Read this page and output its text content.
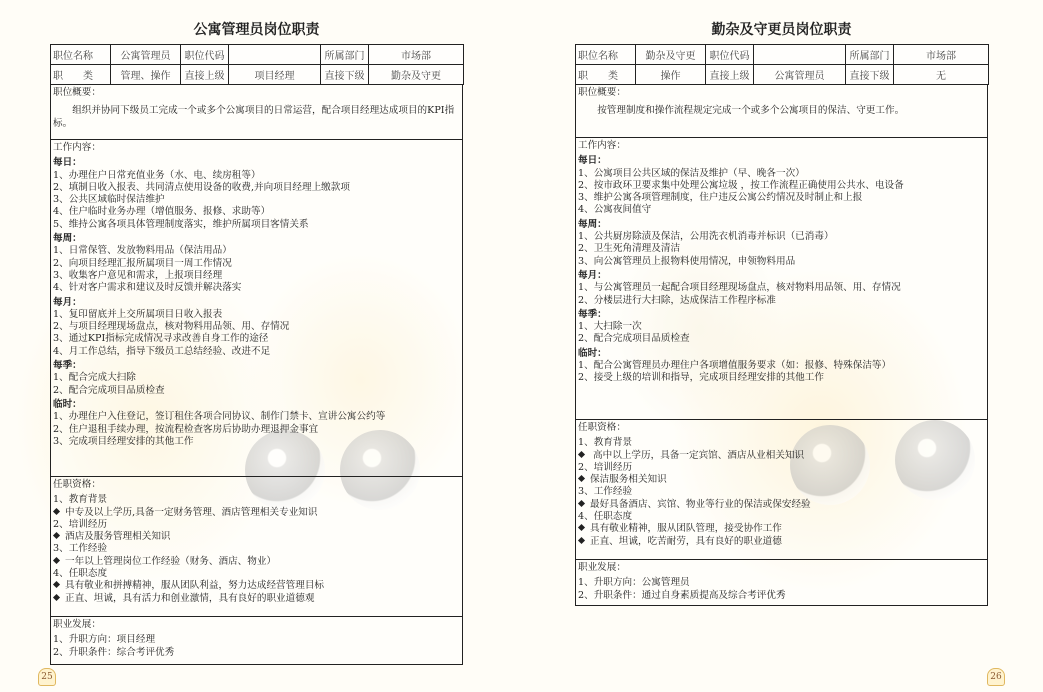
公寓管理员岗位职责
职位名称	公寓管理员	职位代码		所属部门	市场部
职　　类	管理、操作	直接上级	项目经理	直接下级	勤杂及守更
职位概要：
组织并协同下级员工完成一个或多个公寓项目的日常运营，配合项目经理达成项目的KPI指标。
工作内容：
每日：
1、办理住户日常充值业务（水、电、续房租等）
2、填制日收入报表、共同清点使用设备的收费,并向项目经理上缴款项
3、公共区域临时保洁维护
4、住户临时业务办理（增值服务、报修、求助等）
5、维持公寓各项具体管理制度落实，维护所属项目客情关系
每周：
1、日常保管、发放物料用品（保洁用品）
2、向项目经理汇报所属项目一周工作情况
3、收集客户意见和需求，上报项目经理
4、针对客户需求和建议及时反馈并解决落实
每月：
1、复印留底并上交所属项目日收入报表
2、与项目经理现场盘点，核对物料用品领、用、存情况
3、通过KPI指标完成情况寻求改善自身工作的途径
4、月工作总结，指导下级员工总结经验、改进不足
每季：
1、配合完成大扫除
2、配合完成项目品质检查
临时：
1、办理住户入住登记，签订租住各项合同协议、制作门禁卡、宣讲公寓公约等
2、住户退租手续办理，按流程检查客房后协助办理退押金事宜
3、完成项目经理安排的其他工作
任职资格：
1、教育背景
中专及以上学历,具备一定财务管理、酒店管理相关专业知识
2、培训经历
酒店及服务管理相关知识
3、工作经验
一年以上管理岗位工作经验（财务、酒店、物业）
4、任职态度
具有敬业和拼搏精神，服从团队利益，努力达成经营管理目标
正直、坦诚，具有活力和创业激情，具有良好的职业道德观
职业发展：
1、升职方向：项目经理
2、升职条件：综合考评优秀
勤杂及守更员岗位职责
职位名称	勤杂及守更	职位代码		所属部门	市场部
职　　类	操作	直接上级	公寓管理员	直接下级	无
职位概要：
按管理制度和操作流程规定完成一个或多个公寓项目的保洁、守更工作。
工作内容：
每日：
1、公寓项目公共区域的保洁及维护（早、晚各一次）
2、按市政环卫要求集中处理公寓垃圾 ，按工作流程正确使用公共水、电设备
3、维护公寓各项管理制度，住户违反公寓公约情况及时制止和上报
4、公寓夜间值守
每周：
1、公共厨房除渍及保洁，公用洗衣机消毒并标识（已消毒）
2、卫生死角清理及清洁
3、向公寓管理员上报物料使用情况，申领物料用品
每月：
1、与公寓管理员一起配合项目经理现场盘点，核对物料用品领、用、存情况
2、分楼层进行大扫除，达成保洁工作程序标准
每季：
1、大扫除一次
2、配合完成项目品质检查
临时：
1、配合公寓管理员办理住户各项增值服务要求（如：报修、特殊保洁等）
2、接受上级的培训和指导，完成项目经理安排的其他工作
任职资格：
1、教育背景
高中以上学历，具备一定宾馆、酒店从业相关知识
2、培训经历
保洁服务相关知识
3、工作经验
最好具备酒店、宾馆、物业等行业的保洁或保安经验
4、任职态度
具有敬业精神，服从团队管理，接受协作工作
正直、坦诚，吃苦耐劳，具有良好的职业道德
职业发展：
1、升职方向：公寓管理员
2、升职条件：通过自身素质提高及综合考评优秀
25	26
